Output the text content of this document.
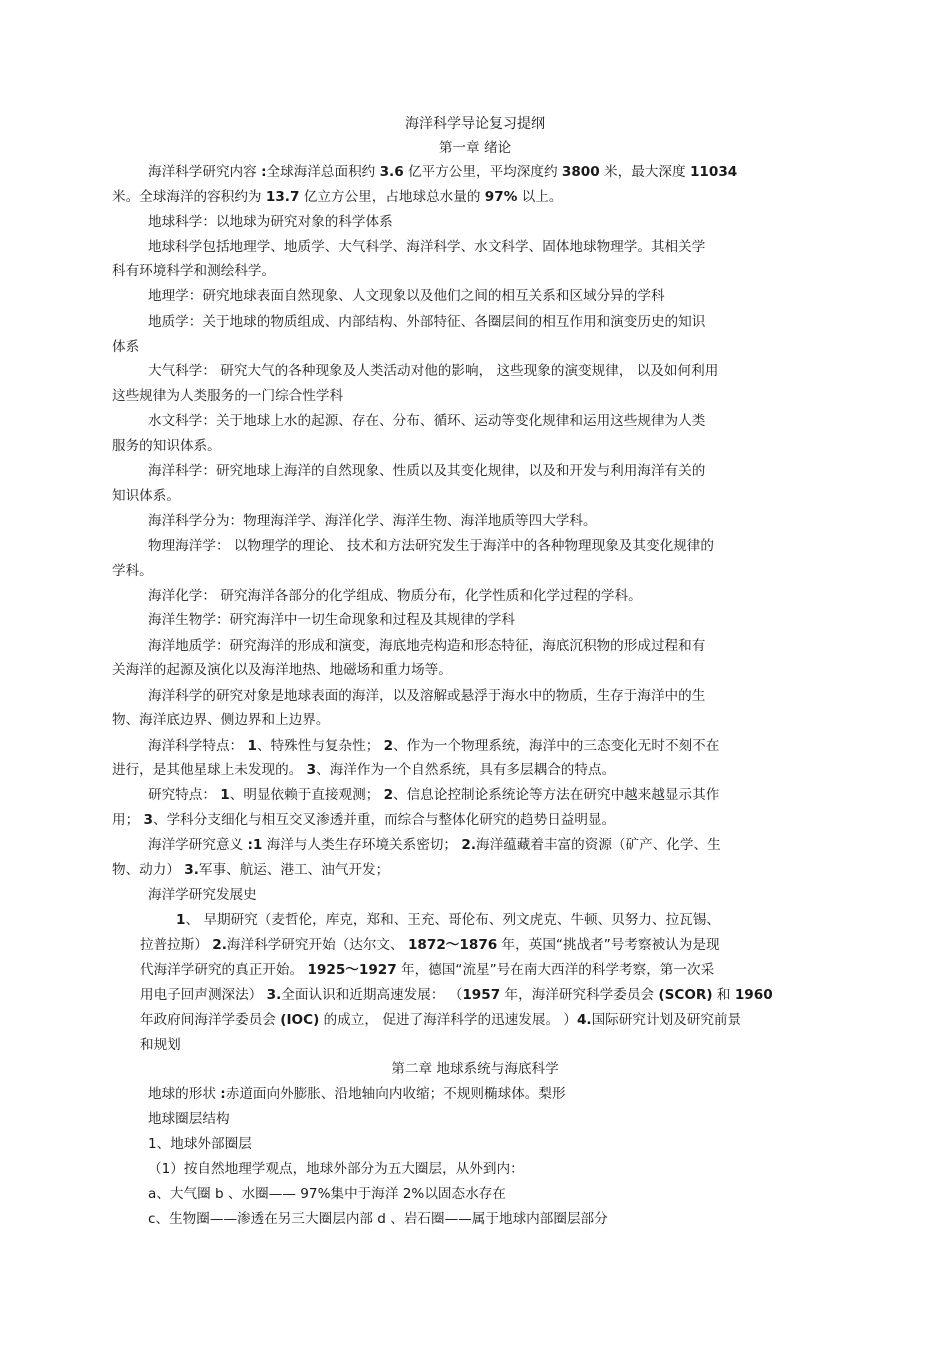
海洋科学导论复习提纲
第一章 绪论
海洋科学研究内容 :全球海洋总面积约 3.6 亿平方公里，平均深度约 3800 米，最大深度 11034
米。全球海洋的容积约为 13.7 亿立方公里，占地球总水量的 97% 以上。
地球科学：以地球为研究对象的科学体系
地球科学包括地理学、地质学、大气科学、海洋科学、水文科学、固体地球物理学。其相关学
科有环境科学和测绘科学。
地理学：研究地球表面自然现象、人文现象以及他们之间的相互关系和区域分异的学科
地质学：关于地球的物质组成、内部结构、外部特征、各圈层间的相互作用和演变历史的知识
体系
大气科学： 研究大气的各种现象及人类活动对他的影响， 这些现象的演变规律， 以及如何利用
这些规律为人类服务的一门综合性学科
水文科学：关于地球上水的起源、存在、分布、循环、运动等变化规律和运用这些规律为人类
服务的知识体系。
海洋科学：研究地球上海洋的自然现象、性质以及其变化规律，以及和开发与利用海洋有关的
知识体系。
海洋科学分为：物理海洋学、海洋化学、海洋生物、海洋地质等四大学科。
物理海洋学： 以物理学的理论、 技术和方法研究发生于海洋中的各种物理现象及其变化规律的
学科。
海洋化学： 研究海洋各部分的化学组成、物质分布，化学性质和化学过程的学科。
海洋生物学：研究海洋中一切生命现象和过程及其规律的学科
海洋地质学：研究海洋的形成和演变，海底地壳构造和形态特征，海底沉积物的形成过程和有
关海洋的起源及演化以及海洋地热、地磁场和重力场等。
海洋科学的研究对象是地球表面的海洋，以及溶解或悬浮于海水中的物质，生存于海洋中的生
物、海洋底边界、侧边界和上边界。
海洋科学特点： 1、特殊性与复杂性； 2、作为一个物理系统，海洋中的三态变化无时不刻不在
进行，是其他星球上未发现的。 3、海洋作为一个自然系统，具有多层耦合的特点。
研究特点： 1、明显依赖于直接观测； 2、信息论控制论系统论等方法在研究中越来越显示其作
用； 3、学科分支细化与相互交叉渗透并重，而综合与整体化研究的趋势日益明显。
海洋学研究意义 :1 海洋与人类生存环境关系密切； 2.海洋蕴藏着丰富的资源（矿产、化学、生
物、动力） 3.军事、航运、港工、油气开发；
海洋学研究发展史
1、 早期研究（麦哲伦，库克，郑和、王充、哥伦布、列文虎克、牛顿、贝努力、拉瓦锡、
拉普拉斯） 2.海洋科学研究开始（达尔文、 1872～1876 年，英国“挑战者”号考察被认为是现
代海洋学研究的真正开始。 1925～1927 年，德国“流星”号在南大西洋的科学考察，第一次采
用电子回声测深法） 3.全面认识和近期高速发展： （1957 年，海洋研究科学委员会 (SCOR) 和 1960
年政府间海洋学委员会 (IOC) 的成立， 促进了海洋科学的迅速发展。 ）4.国际研究计划及研究前景
和规划
第二章 地球系统与海底科学
地球的形状 :赤道面向外膨胀、沿地轴向内收缩；不规则椭球体。梨形
地球圈层结构
1、地球外部圈层
（1）按自然地理学观点，地球外部分为五大圈层，从外到内：
a、大气圈 b 、水圈—— 97%集中于海洋 2%以固态水存在
c、生物圈——渗透在另三大圈层内部 d 、岩石圈——属于地球内部圈层部分
